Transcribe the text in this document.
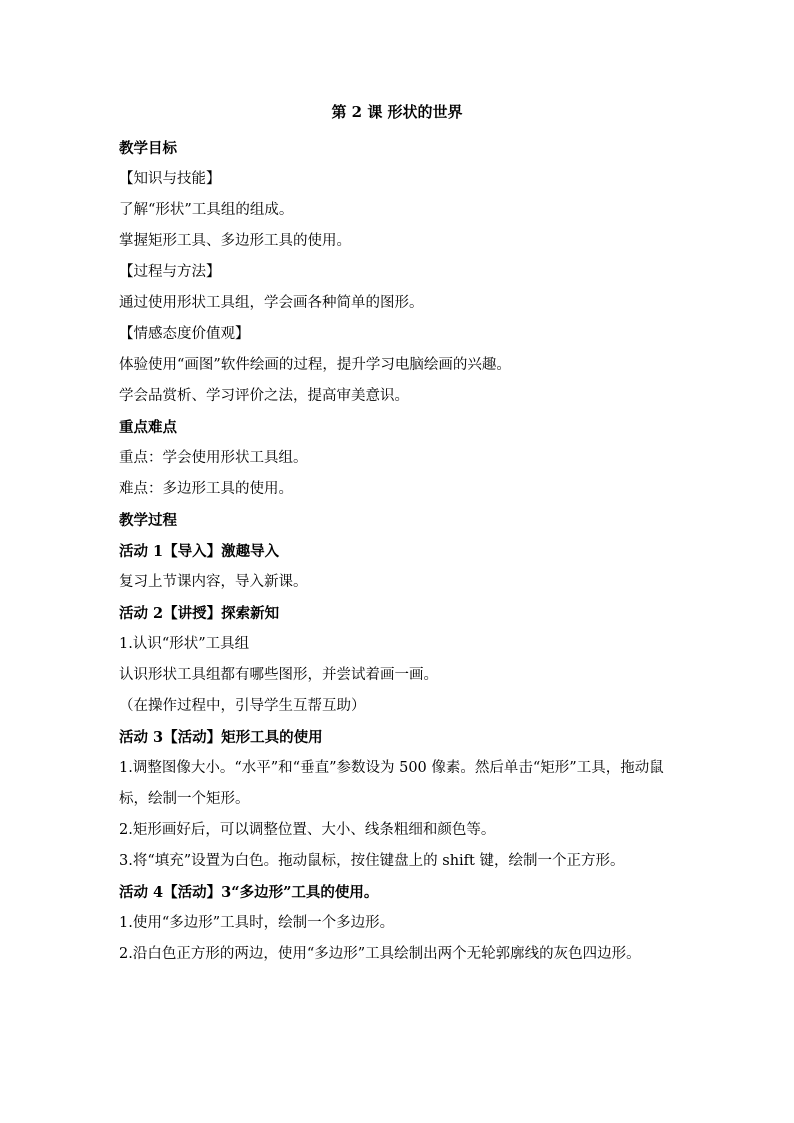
第 2 课 形状的世界

教学目标

【知识与技能】

了解“形状”工具组的组成。

掌握矩形工具、多边形工具的使用。

【过程与方法】

通过使用形状工具组，学会画各种简单的图形。

【情感态度价值观】

体验使用“画图”软件绘画的过程，提升学习电脑绘画的兴趣。

学会品赏析、学习评价之法，提高审美意识。

重点难点

重点：学会使用形状工具组。

难点：多边形工具的使用。

教学过程

活动 1【导入】激趣导入

复习上节课内容，导入新课。

活动 2【讲授】探索新知

1.认识“形状”工具组

认识形状工具组都有哪些图形，并尝试着画一画。

（在操作过程中，引导学生互帮互助）

活动 3【活动】矩形工具的使用

1.调整图像大小。“水平”和“垂直”参数设为 500 像素。然后单击“矩形”工具，拖动鼠标，绘制一个矩形。

2.矩形画好后，可以调整位置、大小、线条粗细和颜色等。

3.将“填充”设置为白色。拖动鼠标，按住键盘上的 shift 键，绘制一个正方形。

活动 4【活动】3“多边形”工具的使用。

1.使用“多边形”工具时，绘制一个多边形。

2.沿白色正方形的两边，使用“多边形”工具绘制出两个无轮郭廓线的灰色四边形。
